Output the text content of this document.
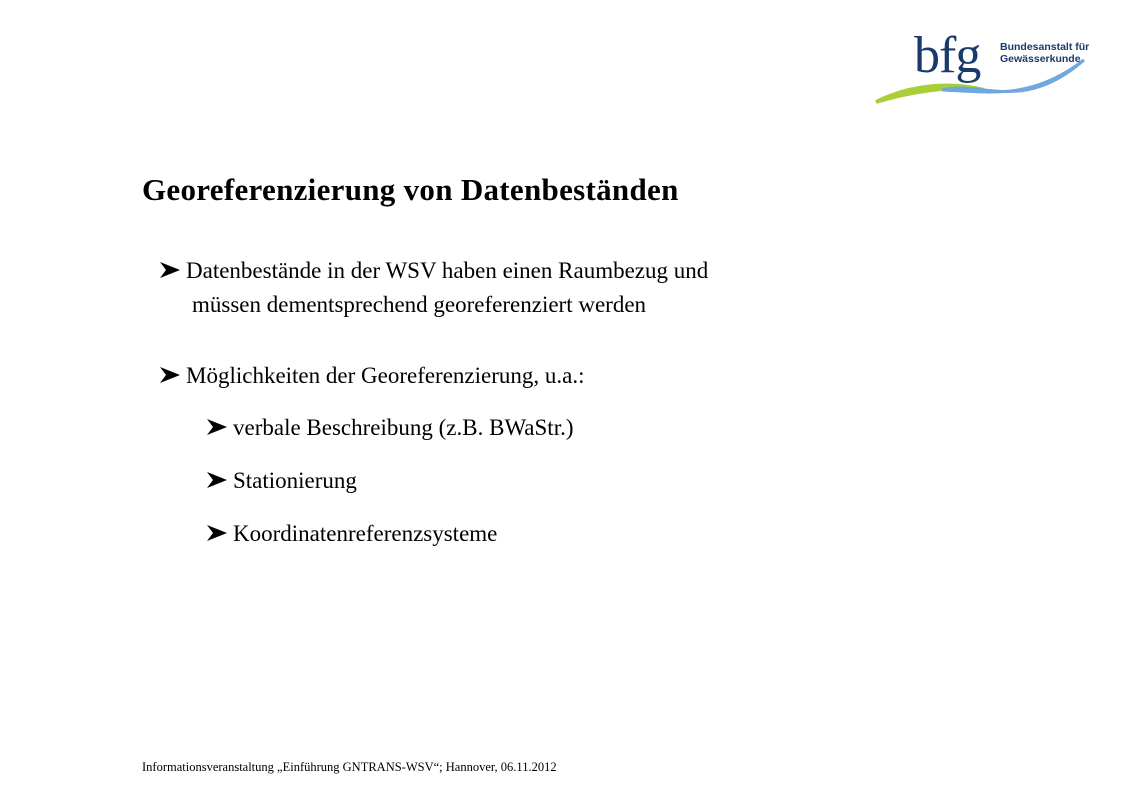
bfg Bundesanstalt für
Gewässerkunde
Georeferenzierung von Datenbeständen
Datenbestände in der WSV haben einen Raumbezug und
müssen dementsprechend georeferenziert werden
Möglichkeiten der Georeferenzierung, u.a.:
verbale Beschreibung (z.B. BWaStr.)
Stationierung
Koordinatenreferenzsysteme
Informationsveranstaltung „Einführung GNTRANS-WSV“; Hannover, 06.11.2012
